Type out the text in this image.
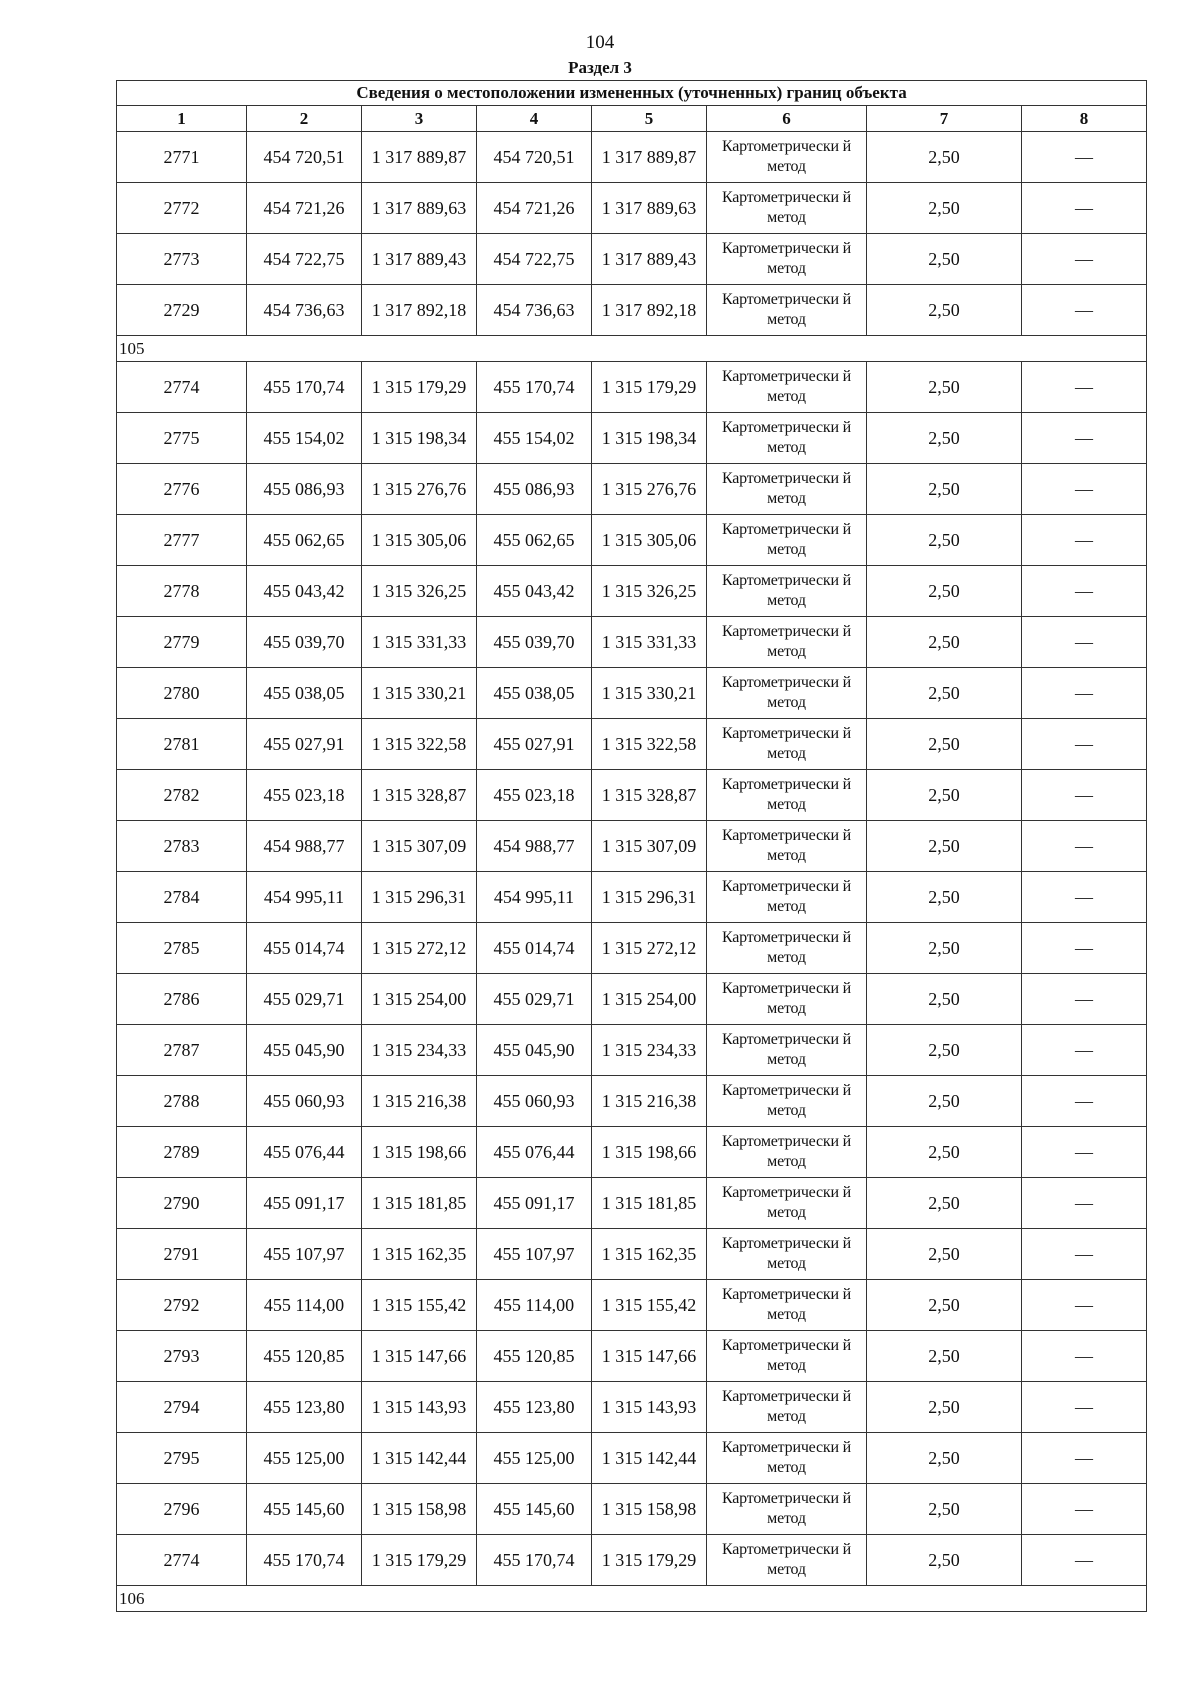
104
Раздел 3
Сведения о местоположении измененных (уточненных) границ объекта							
1	2	3	4	5	6	7	8
2771	454 720,51	1 317 889,87	454 720,51	1 317 889,87	Картометрически й метод	2,50	—
2772	454 721,26	1 317 889,63	454 721,26	1 317 889,63	Картометрически й метод	2,50	—
2773	454 722,75	1 317 889,43	454 722,75	1 317 889,43	Картометрически й метод	2,50	—
2729	454 736,63	1 317 892,18	454 736,63	1 317 892,18	Картометрически й метод	2,50	—
105							
2774	455 170,74	1 315 179,29	455 170,74	1 315 179,29	Картометрически й метод	2,50	—
2775	455 154,02	1 315 198,34	455 154,02	1 315 198,34	Картометрически й метод	2,50	—
2776	455 086,93	1 315 276,76	455 086,93	1 315 276,76	Картометрически й метод	2,50	—
2777	455 062,65	1 315 305,06	455 062,65	1 315 305,06	Картометрически й метод	2,50	—
2778	455 043,42	1 315 326,25	455 043,42	1 315 326,25	Картометрически й метод	2,50	—
2779	455 039,70	1 315 331,33	455 039,70	1 315 331,33	Картометрически й метод	2,50	—
2780	455 038,05	1 315 330,21	455 038,05	1 315 330,21	Картометрически й метод	2,50	—
2781	455 027,91	1 315 322,58	455 027,91	1 315 322,58	Картометрически й метод	2,50	—
2782	455 023,18	1 315 328,87	455 023,18	1 315 328,87	Картометрически й метод	2,50	—
2783	454 988,77	1 315 307,09	454 988,77	1 315 307,09	Картометрически й метод	2,50	—
2784	454 995,11	1 315 296,31	454 995,11	1 315 296,31	Картометрически й метод	2,50	—
2785	455 014,74	1 315 272,12	455 014,74	1 315 272,12	Картометрически й метод	2,50	—
2786	455 029,71	1 315 254,00	455 029,71	1 315 254,00	Картометрически й метод	2,50	—
2787	455 045,90	1 315 234,33	455 045,90	1 315 234,33	Картометрически й метод	2,50	—
2788	455 060,93	1 315 216,38	455 060,93	1 315 216,38	Картометрически й метод	2,50	—
2789	455 076,44	1 315 198,66	455 076,44	1 315 198,66	Картометрически й метод	2,50	—
2790	455 091,17	1 315 181,85	455 091,17	1 315 181,85	Картометрически й метод	2,50	—
2791	455 107,97	1 315 162,35	455 107,97	1 315 162,35	Картометрически й метод	2,50	—
2792	455 114,00	1 315 155,42	455 114,00	1 315 155,42	Картометрически й метод	2,50	—
2793	455 120,85	1 315 147,66	455 120,85	1 315 147,66	Картометрически й метод	2,50	—
2794	455 123,80	1 315 143,93	455 123,80	1 315 143,93	Картометрически й метод	2,50	—
2795	455 125,00	1 315 142,44	455 125,00	1 315 142,44	Картометрически й метод	2,50	—
2796	455 145,60	1 315 158,98	455 145,60	1 315 158,98	Картометрически й метод	2,50	—
2774	455 170,74	1 315 179,29	455 170,74	1 315 179,29	Картометрически й метод	2,50	—
106							
